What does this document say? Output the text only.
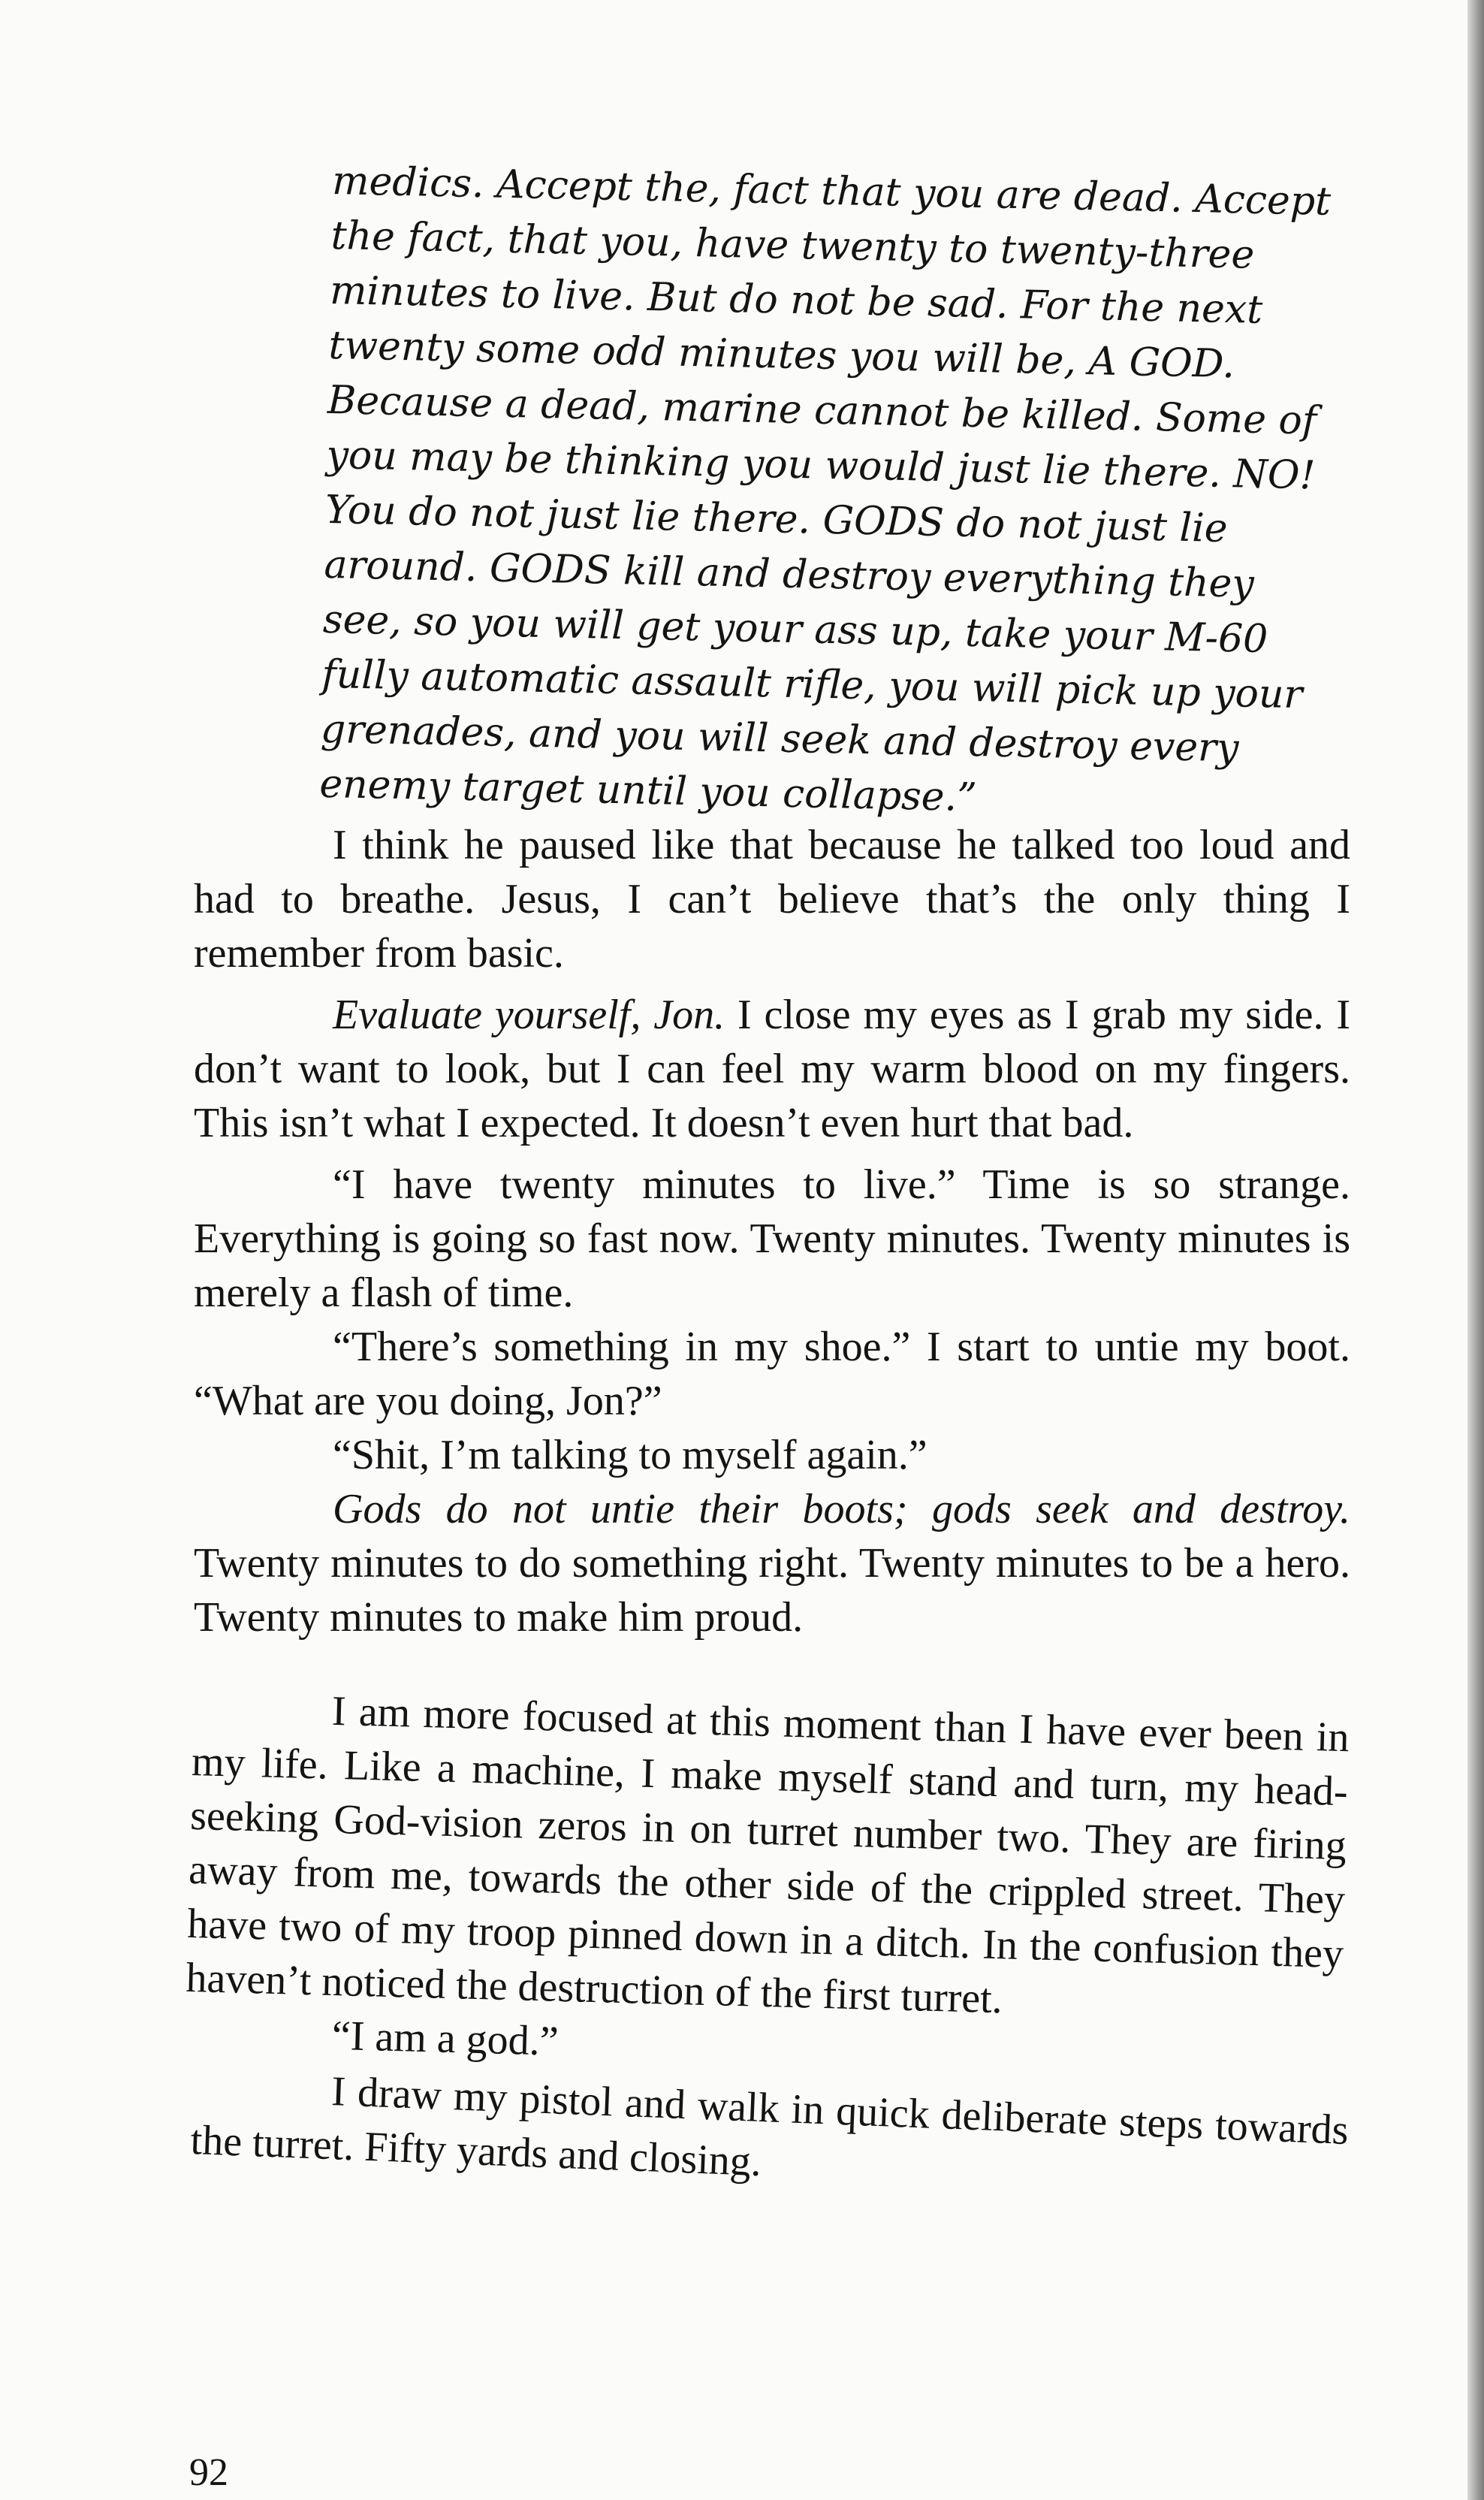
medics. Accept the, fact that you are dead. Accept the fact, that you, have twenty to twenty-three minutes to live. But do not be sad. For the next twenty some odd minutes you will be, A GOD. Because a dead, marine cannot be killed. Some of you may be thinking you would just lie there. NO! You do not just lie there. GODS do not just lie around. GODS kill and destroy everything they see, so you will get your ass up, take your M-60 fully automatic assault rifle, you will pick up your grenades, and you will seek and destroy every enemy target until you collapse.”

I think he paused like that because he talked too loud and had to breathe. Jesus, I can’t believe that’s the only thing I remember from basic.

Evaluate yourself, Jon. I close my eyes as I grab my side. I don’t want to look, but I can feel my warm blood on my fingers. This isn’t what I expected. It doesn’t even hurt that bad.

“I have twenty minutes to live.” Time is so strange. Everything is going so fast now. Twenty minutes. Twenty minutes is merely a flash of time.

“There’s something in my shoe.” I start to untie my boot. “What are you doing, Jon?”

“Shit, I’m talking to myself again.”

Gods do not untie their boots; gods seek and destroy. Twenty minutes to do something right. Twenty minutes to be a hero. Twenty minutes to make him proud.

I am more focused at this moment than I have ever been in my life. Like a machine, I make myself stand and turn, my head-seeking God-vision zeros in on turret number two. They are firing away from me, towards the other side of the crippled street. They have two of my troop pinned down in a ditch. In the confusion they haven’t noticed the destruction of the first turret.

“I am a god.”

I draw my pistol and walk in quick deliberate steps towards the turret. Fifty yards and closing.

92
